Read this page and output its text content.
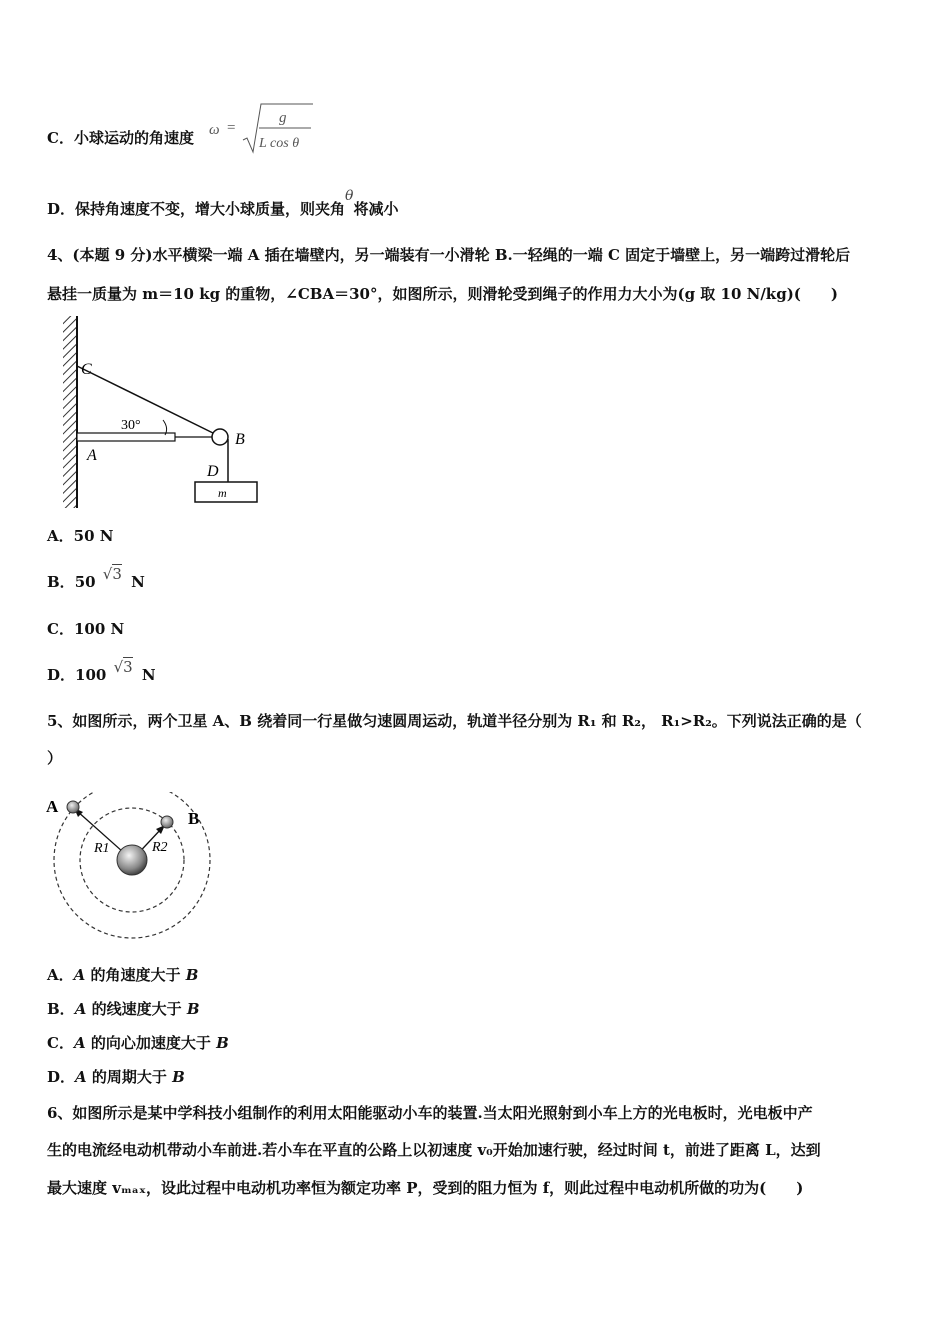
C．小球运动的角速度 ω =
g
L cos θ
D．保持角速度不变，增大小球质量，则夹角θ将减小
4、(本题 9 分)水平横梁一端 A 插在墙壁内，另一端装有一小滑轮 B.一轻绳的一端 C 固定于墙壁上，另一端跨过滑轮后
悬挂一质量为 m＝10 kg 的重物，∠CBA＝30°，如图所示，则滑轮受到绳子的作用力大小为(g 取 10 N/kg)(　　)
C
30°
A
B
D
m
A．50 N
B．50 √3 N
C．100 N
D．100 √3 N
5、如图所示，两个卫星 A、B 绕着同一行星做匀速圆周运动，轨道半径分别为 R₁ 和 R₂， R₁>R₂。下列说法正确的是（
）
A
B
R1	R2
A．A 的角速度大于 B
B．A 的线速度大于 B
C．A 的向心加速度大于 B
D．A 的周期大于 B
6、如图所示是某中学科技小组制作的利用太阳能驱动小车的装置.当太阳光照射到小车上方的光电板时，光电板中产
生的电流经电动机带动小车前进.若小车在平直的公路上以初速度 v₀开始加速行驶，经过时间 t，前进了距离 L，达到
最大速度 vₘₐₓ，设此过程中电动机功率恒为额定功率 P，受到的阻力恒为 f，则此过程中电动机所做的功为(　　)
